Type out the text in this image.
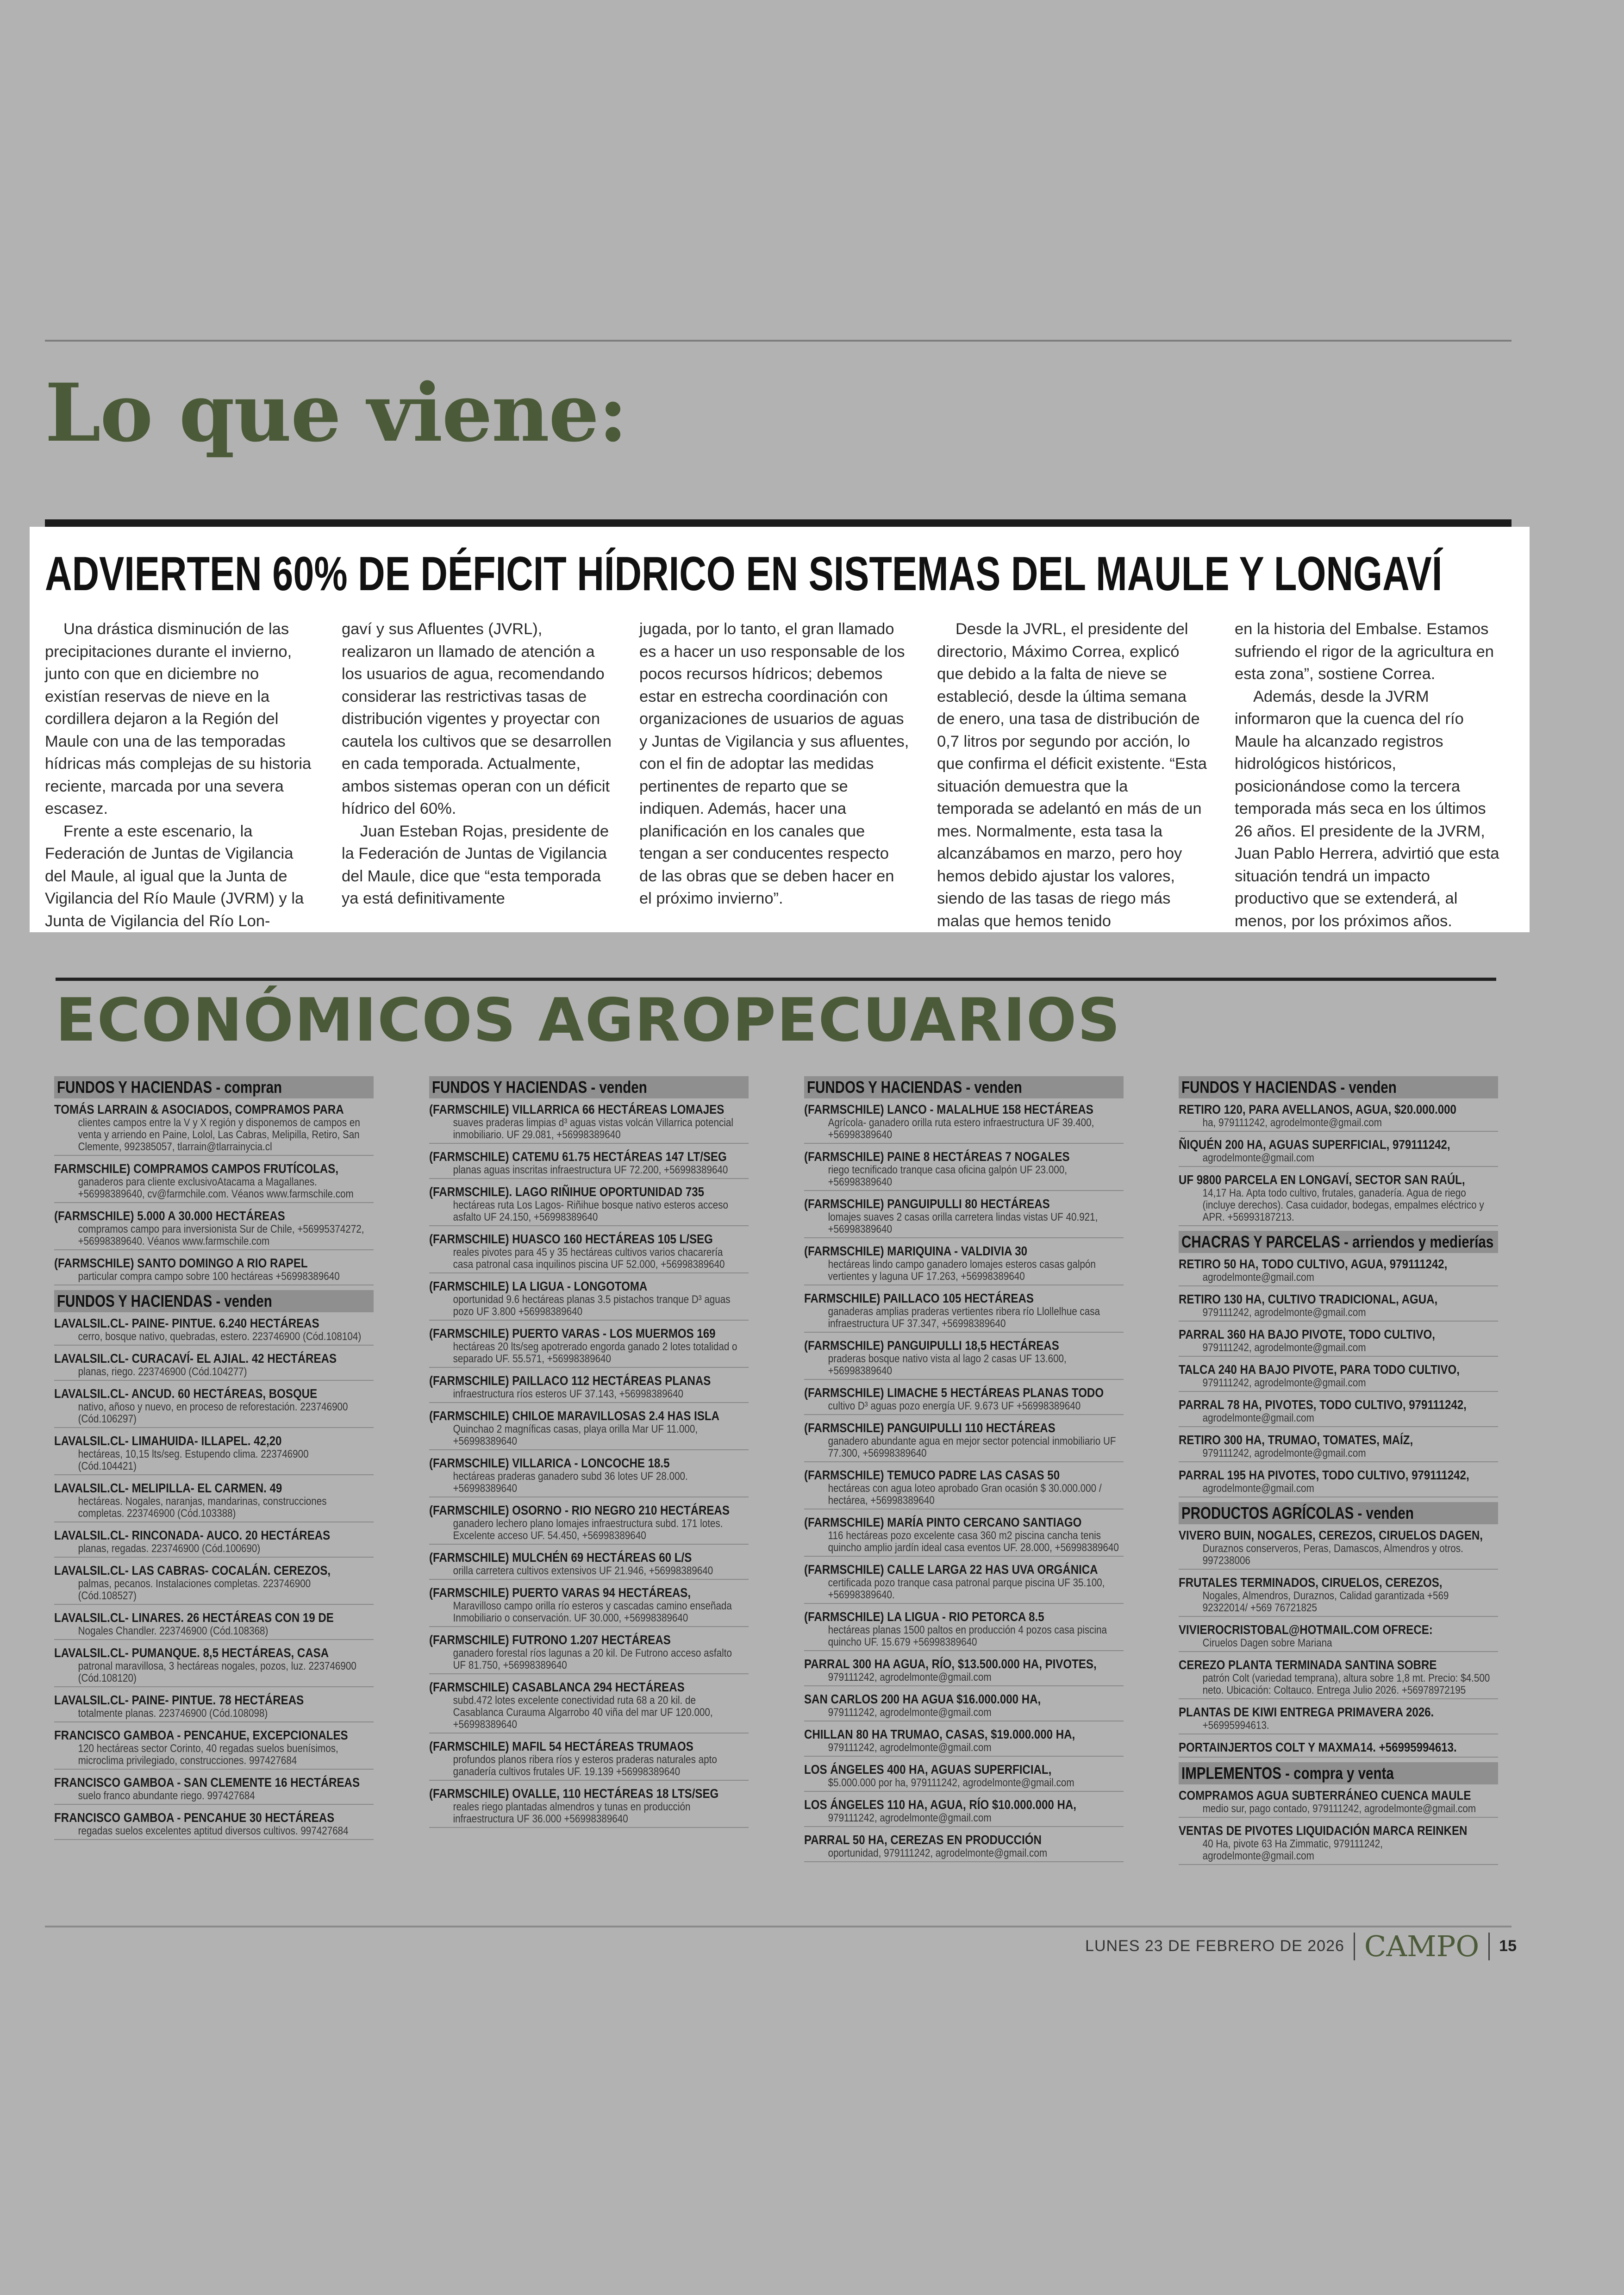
Lo que viene:
ADVIERTEN 60% DE DÉFICIT HÍDRICO EN SISTEMAS DEL MAULE Y LONGAVÍ

Una drástica disminución de las precipitaciones durante el invierno, junto con que en diciembre no existían reservas de nieve en la cordillera dejaron a la Región del Maule con una de las temporadas hídricas más complejas de su historia reciente, marcada por una severa escasez.

Frente a este escenario, la Federación de Juntas de Vigilancia del Maule, al igual que la Junta de Vigilancia del Río Maule (JVRM) y la Junta de Vigilancia del Río Lon-

gaví y sus Afluentes (JVRL), realizaron un llamado de atención a los usuarios de agua, recomendando considerar las restrictivas tasas de distribución vigentes y proyectar con cautela los cultivos que se desarrollen en cada temporada. Actualmente, ambos sistemas operan con un déficit hídrico del 60%.

Juan Esteban Rojas, presidente de la Federación de Juntas de Vigilancia del Maule, dice que “esta temporada ya está definitivamente

jugada, por lo tanto, el gran llamado es a hacer un uso responsable de los pocos recursos hídricos; debemos estar en estrecha coordinación con organizaciones de usuarios de aguas y Juntas de Vigilancia y sus afluentes, con el fin de adoptar las medidas pertinentes de reparto que se indiquen. Además, hacer una planificación en los canales que tengan a ser conducentes respecto de las obras que se deben hacer en el próximo invierno”.

Desde la JVRL, el presidente del directorio, Máximo Correa, explicó que debido a la falta de nieve se estableció, desde la última semana de enero, una tasa de distribución de 0,7 litros por segundo por acción, lo que confirma el déficit existente. “Esta situación demuestra que la temporada se adelantó en más de un mes. Normalmente, esta tasa la alcanzábamos en marzo, pero hoy hemos debido ajustar los valores, siendo de las tasas de riego más malas que hemos tenido

en la historia del Embalse. Estamos sufriendo el rigor de la agricultura en esta zona”, sostiene Correa.

Además, desde la JVRM informaron que la cuenca del río Maule ha alcanzado registros hidrológicos históricos, posicionándose como la tercera temporada más seca en los últimos 26 años. El presidente de la JVRM, Juan Pablo Herrera, advirtió que esta situación tendrá un impacto productivo que se extenderá, al menos, por los próximos años.

ECONÓMICOS AGROPECUARIOS
FUNDOS Y HACIENDAS - compran
TOMÁS LARRAIN & ASOCIADOS, COMPRAMOS PARA
clientes campos entre la V y X región y disponemos de campos en venta y arriendo en Paine, Lolol, Las Cabras, Melipilla, Retiro, San Clemente, 992385057, tlarrain@tlarrainycia.cl
FARMSCHILE) COMPRAMOS CAMPOS FRUTÍCOLAS,
ganaderos para cliente exclusivoAtacama a Magallanes. +56998389640, cv@farmchile.com. Véanos www.farmschile.com
(FARMSCHILE) 5.000 A 30.000 HECTÁREAS
compramos campo para inversionista Sur de Chile, +56995374272, +56998389640. Véanos www.farmschile.com
(FARMSCHILE) SANTO DOMINGO A RIO RAPEL
particular compra campo sobre 100 hectáreas +56998389640
FUNDOS Y HACIENDAS - venden
LAVALSIL.CL- PAINE- PINTUE. 6.240 HECTÁREAS
cerro, bosque nativo, quebradas, estero. 223746900 (Cód.108104)
LAVALSIL.CL- CURACAVÍ- EL AJIAL. 42 HECTÁREAS
planas, riego. 223746900 (Cód.104277)
LAVALSIL.CL- ANCUD. 60 HECTÁREAS, BOSQUE
nativo, añoso y nuevo, en proceso de reforestación. 223746900 (Cód.106297)
LAVALSIL.CL- LIMAHUIDA- ILLAPEL. 42,20
hectáreas, 10,15 lts/seg. Estupendo clima. 223746900 (Cód.104421)
LAVALSIL.CL- MELIPILLA- EL CARMEN. 49
hectáreas. Nogales, naranjas, mandarinas, construcciones completas. 223746900 (Cód.103388)
LAVALSIL.CL- RINCONADA- AUCO. 20 HECTÁREAS
planas, regadas. 223746900 (Cód.100690)
LAVALSIL.CL- LAS CABRAS- COCALÁN. CEREZOS,
palmas, pecanos. Instalaciones completas. 223746900 (Cód.108527)
LAVALSIL.CL- LINARES. 26 HECTÁREAS CON 19 DE
Nogales Chandler. 223746900 (Cód.108368)
LAVALSIL.CL- PUMANQUE. 8,5 HECTÁREAS, CASA
patronal maravillosa, 3 hectáreas nogales, pozos, luz. 223746900 (Cód.108120)
LAVALSIL.CL- PAINE- PINTUE. 78 HECTÁREAS
totalmente planas. 223746900 (Cód.108098)
FRANCISCO GAMBOA - PENCAHUE, EXCEPCIONALES
120 hectáreas sector Corinto, 40 regadas suelos buenísimos, microclima privilegiado, construcciones. 997427684
FRANCISCO GAMBOA - SAN CLEMENTE 16 HECTÁREAS
suelo franco abundante riego. 997427684
FRANCISCO GAMBOA - PENCAHUE 30 HECTÁREAS
regadas suelos excelentes aptitud diversos cultivos. 997427684
FUNDOS Y HACIENDAS - venden
(FARMSCHILE) VILLARRICA 66 HECTÁREAS LOMAJES
suaves praderas limpias d³ aguas vistas volcán Villarrica potencial inmobiliario. UF 29.081, +56998389640
(FARMSCHILE) CATEMU 61.75 HECTÁREAS 147 LT/SEG
planas aguas inscritas infraestructura UF 72.200, +56998389640
(FARMSCHILE). LAGO RIÑIHUE OPORTUNIDAD 735
hectáreas ruta Los Lagos- Riñihue bosque nativo esteros acceso asfalto UF 24.150, +56998389640
(FARMSCHILE) HUASCO 160 HECTÁREAS 105 L/SEG
reales pivotes para 45 y 35 hectáreas cultivos varios chacarería casa patronal casa inquilinos piscina UF 52.000, +56998389640
(FARMSCHILE) LA LIGUA - LONGOTOMA
oportunidad 9.6 hectáreas planas 3.5 pistachos tranque D³ aguas pozo UF 3.800 +56998389640
(FARMSCHILE) PUERTO VARAS - LOS MUERMOS 169
hectáreas 20 lts/seg apotrerado engorda ganado 2 lotes totalidad o separado UF. 55.571, +56998389640
(FARMSCHILE) PAILLACO 112 HECTÁREAS PLANAS
infraestructura ríos esteros UF 37.143, +56998389640
(FARMSCHILE) CHILOE MARAVILLOSAS 2.4 HAS ISLA
Quinchao 2 magníficas casas, playa orilla Mar UF 11.000, +56998389640
(FARMSCHILE) VILLARICA - LONCOCHE 18.5
hectáreas praderas ganadero subd 36 lotes UF 28.000. +56998389640
(FARMSCHILE) OSORNO - RIO NEGRO 210 HECTÁREAS
ganadero lechero plano lomajes infraestructura subd. 171 lotes. Excelente acceso UF. 54.450, +56998389640
(FARMSCHILE) MULCHÉN 69 HECTÁREAS 60 L/S
orilla carretera cultivos extensivos UF 21.946, +56998389640
(FARMSCHILE) PUERTO VARAS 94 HECTÁREAS,
Maravilloso campo orilla río esteros y cascadas camino enseñada Inmobiliario o conservación. UF 30.000, +56998389640
(FARMSCHILE) FUTRONO 1.207 HECTÁREAS
ganadero forestal ríos lagunas a 20 kil. De Futrono acceso asfalto UF 81.750, +56998389640
(FARMSCHILE) CASABLANCA 294 HECTÁREAS
subd.472 lotes excelente conectividad ruta 68 a 20 kil. de Casablanca Curaumа Algarrobo 40 viña del mar UF 120.000, +56998389640
(FARMSCHILE) MAFIL 54 HECTÁREAS TRUMAOS
profundos planos ribera ríos y esteros praderas naturales apto ganadería cultivos frutales UF. 19.139 +56998389640
(FARMSCHILE) OVALLE, 110 HECTÁREAS 18 LTS/SEG
reales riego plantadas almendros y tunas en producción infraestructura UF 36.000 +56998389640
FUNDOS Y HACIENDAS - venden
(FARMSCHILE) LANCO - MALALHUE 158 HECTÁREAS
Agrícola- ganadero orilla ruta estero infraestructura UF 39.400, +56998389640
(FARMSCHILE) PAINE 8 HECTÁREAS 7 NOGALES
riego tecnificado tranque casa oficina galpón UF 23.000, +56998389640
(FARMSCHILE) PANGUIPULLI 80 HECTÁREAS
lomajes suaves 2 casas orilla carretera lindas vistas UF 40.921, +56998389640
(FARMSCHILE) MARIQUINA - VALDIVIA 30
hectáreas lindo campo ganadero lomajes esteros casas galpón vertientes y laguna UF 17.263, +56998389640
FARMSCHILE) PAILLACO 105 HECTÁREAS
ganaderas amplias praderas vertientes ribera río Llollelhue casa infraestructura UF 37.347, +56998389640
(FARMSCHILE) PANGUIPULLI 18,5 HECTÁREAS
praderas bosque nativo vista al lago 2 casas UF 13.600, +56998389640
(FARMSCHILE) LIMACHE 5 HECTÁREAS PLANAS TODO
cultivo D³ aguas pozo energía UF. 9.673 UF +56998389640
(FARMSCHILE) PANGUIPULLI 110 HECTÁREAS
ganadero abundante agua en mejor sector potencial inmobiliario UF 77.300, +56998389640
(FARMSCHILE) TEMUCO PADRE LAS CASAS 50
hectáreas con agua loteo aprobado Gran ocasión $ 30.000.000 / hectárea, +56998389640
(FARMSCHILE) MARÍA PINTO CERCANO SANTIAGO
116 hectáreas pozo excelente casa 360 m2 piscina cancha tenis quincho amplio jardín ideal casa eventos UF. 28.000, +56998389640
(FARMSCHILE) CALLE LARGA 22 HAS UVA ORGÁNICA
certificada pozo tranque casa patronal parque piscina UF 35.100, +56998389640.
(FARMSCHILE) LA LIGUA - RIO PETORCA 8.5
hectáreas planas 1500 paltos en producción 4 pozos casa piscina quincho UF. 15.679 +56998389640
PARRAL 300 HA AGUA, RÍO, $13.500.000 HA, PIVOTES,
979111242, agrodelmonte@gmail.com
SAN CARLOS 200 HA AGUA $16.000.000 HA,
979111242, agrodelmonte@gmail.com
CHILLAN 80 HA TRUMAO, CASAS, $19.000.000 HA,
979111242, agrodelmonte@gmail.com
LOS ÁNGELES 400 HA, AGUAS SUPERFICIAL,
$5.000.000 por ha, 979111242, agrodelmonte@gmail.com
LOS ÁNGELES 110 HA, AGUA, RÍO $10.000.000 HA,
979111242, agrodelmonte@gmail.com
PARRAL 50 HA, CEREZAS EN PRODUCCIÓN
oportunidad, 979111242, agrodelmonte@gmail.com
FUNDOS Y HACIENDAS - venden
RETIRO 120, PARA AVELLANOS, AGUA, $20.000.000
ha, 979111242, agrodelmonte@gmail.com
ÑIQUÉN 200 HA, AGUAS SUPERFICIAL, 979111242,
agrodelmonte@gmail.com
UF 9800 PARCELA EN LONGAVÍ, SECTOR SAN RAÚL,
14,17 Ha. Apta todo cultivo, frutales, ganadería. Agua de riego (incluye derechos). Casa cuidador, bodegas, empalmes eléctrico y APR. +56993187213.
CHACRAS Y PARCELAS - arriendos y medierías
RETIRO 50 HA, TODO CULTIVO, AGUA, 979111242,
agrodelmonte@gmail.com
RETIRO 130 HA, CULTIVO TRADICIONAL, AGUA,
979111242, agrodelmonte@gmail.com
PARRAL 360 HA BAJO PIVOTE, TODO CULTIVO,
979111242, agrodelmonte@gmail.com
TALCA 240 HA BAJO PIVOTE, PARA TODO CULTIVO,
979111242, agrodelmonte@gmail.com
PARRAL 78 HA, PIVOTES, TODO CULTIVO, 979111242,
agrodelmonte@gmail.com
RETIRO 300 HA, TRUMAO, TOMATES, MAÍZ,
979111242, agrodelmonte@gmail.com
PARRAL 195 HA PIVOTES, TODO CULTIVO, 979111242,
agrodelmonte@gmail.com
PRODUCTOS AGRÍCOLAS - venden
VIVERO BUIN, NOGALES, CEREZOS, CIRUELOS DAGEN,
Duraznos conserveros, Peras, Damascos, Almendros y otros. 997238006
FRUTALES TERMINADOS, CIRUELOS, CEREZOS,
Nogales, Almendros, Duraznos, Calidad garantizada +569 92322014/ +569 76721825
VIVIEROCRISTOBAL@HOTMAIL.COM OFRECE:
Ciruelos Dagen sobre Mariana
CEREZO PLANTA TERMINADA SANTINA SOBRE
patrón Colt (variedad temprana), altura sobre 1,8 mt. Precio: $4.500 neto. Ubicación: Coltauco. Entrega Julio 2026. +56978972195
PLANTAS DE KIWI ENTREGA PRIMAVERA 2026.
+56995994613.
PORTAINJERTOS COLT Y MAXMA14. +56995994613.
IMPLEMENTOS - compra y venta
COMPRAMOS AGUA SUBTERRÁNEO CUENCA MAULE
medio sur, pago contado, 979111242, agrodelmonte@gmail.com
VENTAS DE PIVOTES LIQUIDACIÓN MARCA REINKEN
40 Ha, pivote 63 Ha Zimmatic, 979111242, agrodelmonte@gmail.com
LUNES 23 DE FEBRERO DE 2026 CAMPO 15
